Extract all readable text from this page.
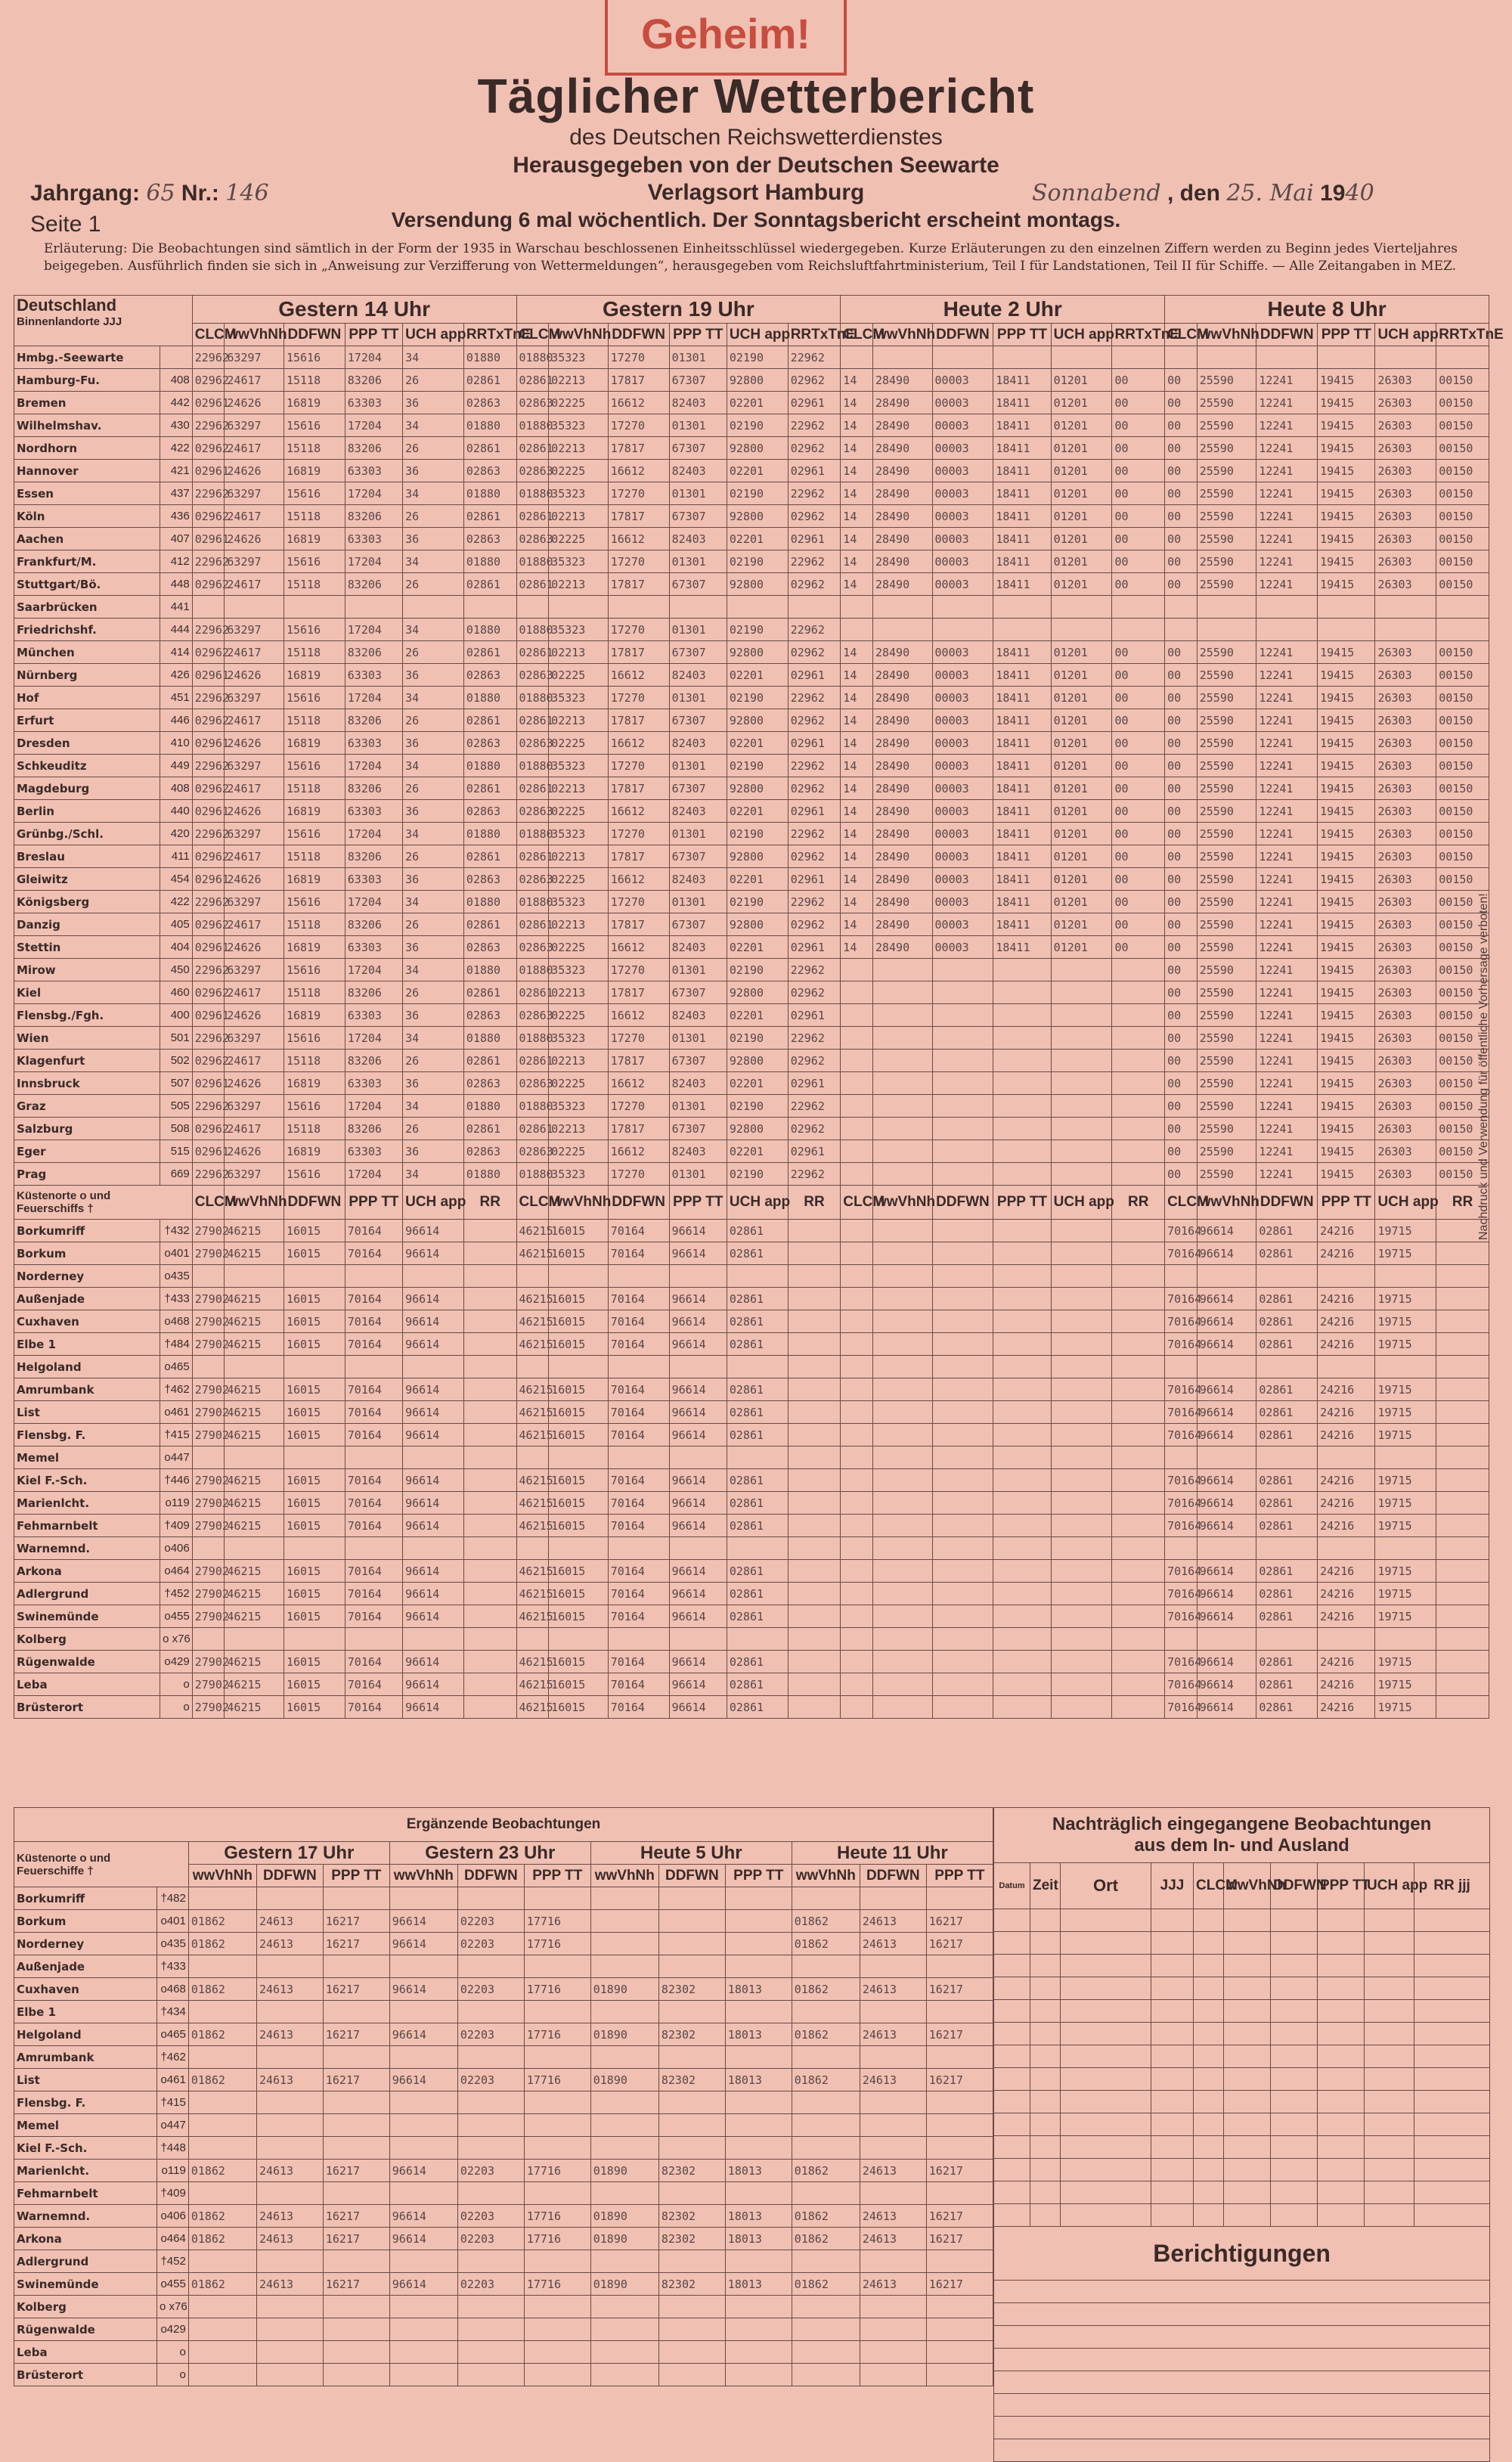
Geheim!
Täglicher Wetterbericht
des Deutschen Reichswetterdienstes
Herausgegeben von der Deutschen Seewarte
Verlagsort Hamburg
Versendung 6 mal wöchentlich. Der Sonntagsbericht erscheint montags.
Jahrgang: 65 Nr.: 146
Seite 1
Sonnabend , den 25. Mai 1940
Erläuterung: Die Beobachtungen sind sämtlich in der Form der 1935 in Warschau beschlossenen Einheitsschlüssel wiedergegeben. Kurze Erläuterungen zu den einzelnen Ziffern werden zu Beginn jedes Vierteljahres beigegeben. Ausführlich finden sie sich in „Anweisung zur Verzifferung von Wettermeldungen“, herausgegeben vom Reichsluftfahrtministerium, Teil I für Landstationen, Teil II für Schiffe. — Alle Zeitangaben in MEZ.
Nachdruck und Verwendung für öffentliche Vorhersage verboten!
Deutschland
Binnenlandorte JJJ		Gestern 14 Uhr						Gestern 19 Uhr						Heute 2 Uhr						Heute 8 Uhr					
		CLCM	wwVhNh	DDFWN	PPP TT	UCH app	RRTxTnE	CLCM	wwVhNh	DDFWN	PPP TT	UCH app	RRTxTnE	CLCM	wwVhNh	DDFWN	PPP TT	UCH app	RRTxTnE	CLCM	wwVhNh	DDFWN	PPP TT	UCH app	RRTxTnE
Hmbg.-Seewarte		22962	63297	15616	17204	34	01880	01880	35323	17270	01301	02190	22962												
Hamburg-Fu.	408	02962	24617	15118	83206	26	02861	02861	02213	17817	67307	92800	02962	14	28490	00003	18411	01201	00	00	25590	12241	19415	26303	00150
Bremen	442	02961	24626	16819	63303	36	02863	02863	02225	16612	82403	02201	02961	14	28490	00003	18411	01201	00	00	25590	12241	19415	26303	00150
Wilhelmshav.	430	22962	63297	15616	17204	34	01880	01880	35323	17270	01301	02190	22962	14	28490	00003	18411	01201	00	00	25590	12241	19415	26303	00150
Nordhorn	422	02962	24617	15118	83206	26	02861	02861	02213	17817	67307	92800	02962	14	28490	00003	18411	01201	00	00	25590	12241	19415	26303	00150
Hannover	421	02961	24626	16819	63303	36	02863	02863	02225	16612	82403	02201	02961	14	28490	00003	18411	01201	00	00	25590	12241	19415	26303	00150
Essen	437	22962	63297	15616	17204	34	01880	01880	35323	17270	01301	02190	22962	14	28490	00003	18411	01201	00	00	25590	12241	19415	26303	00150
Köln	436	02962	24617	15118	83206	26	02861	02861	02213	17817	67307	92800	02962	14	28490	00003	18411	01201	00	00	25590	12241	19415	26303	00150
Aachen	407	02961	24626	16819	63303	36	02863	02863	02225	16612	82403	02201	02961	14	28490	00003	18411	01201	00	00	25590	12241	19415	26303	00150
Frankfurt/M.	412	22962	63297	15616	17204	34	01880	01880	35323	17270	01301	02190	22962	14	28490	00003	18411	01201	00	00	25590	12241	19415	26303	00150
Stuttgart/Bö.	448	02962	24617	15118	83206	26	02861	02861	02213	17817	67307	92800	02962	14	28490	00003	18411	01201	00	00	25590	12241	19415	26303	00150
Saarbrücken	441																								
Friedrichshf.	444	22962	63297	15616	17204	34	01880	01880	35323	17270	01301	02190	22962												
München	414	02962	24617	15118	83206	26	02861	02861	02213	17817	67307	92800	02962	14	28490	00003	18411	01201	00	00	25590	12241	19415	26303	00150
Nürnberg	426	02961	24626	16819	63303	36	02863	02863	02225	16612	82403	02201	02961	14	28490	00003	18411	01201	00	00	25590	12241	19415	26303	00150
Hof	451	22962	63297	15616	17204	34	01880	01880	35323	17270	01301	02190	22962	14	28490	00003	18411	01201	00	00	25590	12241	19415	26303	00150
Erfurt	446	02962	24617	15118	83206	26	02861	02861	02213	17817	67307	92800	02962	14	28490	00003	18411	01201	00	00	25590	12241	19415	26303	00150
Dresden	410	02961	24626	16819	63303	36	02863	02863	02225	16612	82403	02201	02961	14	28490	00003	18411	01201	00	00	25590	12241	19415	26303	00150
Schkeuditz	449	22962	63297	15616	17204	34	01880	01880	35323	17270	01301	02190	22962	14	28490	00003	18411	01201	00	00	25590	12241	19415	26303	00150
Magdeburg	408	02962	24617	15118	83206	26	02861	02861	02213	17817	67307	92800	02962	14	28490	00003	18411	01201	00	00	25590	12241	19415	26303	00150
Berlin	440	02961	24626	16819	63303	36	02863	02863	02225	16612	82403	02201	02961	14	28490	00003	18411	01201	00	00	25590	12241	19415	26303	00150
Grünbg./Schl.	420	22962	63297	15616	17204	34	01880	01880	35323	17270	01301	02190	22962	14	28490	00003	18411	01201	00	00	25590	12241	19415	26303	00150
Breslau	411	02962	24617	15118	83206	26	02861	02861	02213	17817	67307	92800	02962	14	28490	00003	18411	01201	00	00	25590	12241	19415	26303	00150
Gleiwitz	454	02961	24626	16819	63303	36	02863	02863	02225	16612	82403	02201	02961	14	28490	00003	18411	01201	00	00	25590	12241	19415	26303	00150
Königsberg	422	22962	63297	15616	17204	34	01880	01880	35323	17270	01301	02190	22962	14	28490	00003	18411	01201	00	00	25590	12241	19415	26303	00150
Danzig	405	02962	24617	15118	83206	26	02861	02861	02213	17817	67307	92800	02962	14	28490	00003	18411	01201	00	00	25590	12241	19415	26303	00150
Stettin	404	02961	24626	16819	63303	36	02863	02863	02225	16612	82403	02201	02961	14	28490	00003	18411	01201	00	00	25590	12241	19415	26303	00150
Mirow	450	22962	63297	15616	17204	34	01880	01880	35323	17270	01301	02190	22962							00	25590	12241	19415	26303	00150
Kiel	460	02962	24617	15118	83206	26	02861	02861	02213	17817	67307	92800	02962							00	25590	12241	19415	26303	00150
Flensbg./Fgh.	400	02961	24626	16819	63303	36	02863	02863	02225	16612	82403	02201	02961							00	25590	12241	19415	26303	00150
Wien	501	22962	63297	15616	17204	34	01880	01880	35323	17270	01301	02190	22962							00	25590	12241	19415	26303	00150
Klagenfurt	502	02962	24617	15118	83206	26	02861	02861	02213	17817	67307	92800	02962							00	25590	12241	19415	26303	00150
Innsbruck	507	02961	24626	16819	63303	36	02863	02863	02225	16612	82403	02201	02961							00	25590	12241	19415	26303	00150
Graz	505	22962	63297	15616	17204	34	01880	01880	35323	17270	01301	02190	22962							00	25590	12241	19415	26303	00150
Salzburg	508	02962	24617	15118	83206	26	02861	02861	02213	17817	67307	92800	02962							00	25590	12241	19415	26303	00150
Eger	515	02961	24626	16819	63303	36	02863	02863	02225	16612	82403	02201	02961							00	25590	12241	19415	26303	00150
Prag	669	22962	63297	15616	17204	34	01880	01880	35323	17270	01301	02190	22962							00	25590	12241	19415	26303	00150

Küstenorte o und
Feuerschiffs †		CLCM	wwVhNh	DDFWN	PPP TT	UCH app	RR	CLCM	wwVhNh	DDFWN	PPP TT	UCH app	RR	CLCM	wwVhNh	DDFWN	PPP TT	UCH app	RR	CLCM	wwVhNh	DDFWN	PPP TT	UCH app	RR
Borkumriff	†432	27902	46215	16015	70164	96614		46215	16015	70164	96614	02861								70164	96614	02861	24216	19715	
Borkum	o401	27902	46215	16015	70164	96614		46215	16015	70164	96614	02861								70164	96614	02861	24216	19715	
Norderney	o435																								
Außenjade	†433	27902	46215	16015	70164	96614		46215	16015	70164	96614	02861								70164	96614	02861	24216	19715	
Cuxhaven	o468	27902	46215	16015	70164	96614		46215	16015	70164	96614	02861								70164	96614	02861	24216	19715	
Elbe 1	†484	27902	46215	16015	70164	96614		46215	16015	70164	96614	02861								70164	96614	02861	24216	19715	
Helgoland	o465																								
Amrumbank	†462	27902	46215	16015	70164	96614		46215	16015	70164	96614	02861								70164	96614	02861	24216	19715	
List	o461	27902	46215	16015	70164	96614		46215	16015	70164	96614	02861								70164	96614	02861	24216	19715	
Flensbg. F.	†415	27902	46215	16015	70164	96614		46215	16015	70164	96614	02861								70164	96614	02861	24216	19715	
Memel	o447																								
Kiel F.-Sch.	†446	27902	46215	16015	70164	96614		46215	16015	70164	96614	02861								70164	96614	02861	24216	19715	
Marienlcht.	o119	27902	46215	16015	70164	96614		46215	16015	70164	96614	02861								70164	96614	02861	24216	19715	
Fehmarnbelt	†409	27902	46215	16015	70164	96614		46215	16015	70164	96614	02861								70164	96614	02861	24216	19715	
Warnemnd.	o406																								
Arkona	o464	27902	46215	16015	70164	96614		46215	16015	70164	96614	02861								70164	96614	02861	24216	19715	
Adlergrund	†452	27902	46215	16015	70164	96614		46215	16015	70164	96614	02861								70164	96614	02861	24216	19715	
Swinemünde	o455	27902	46215	16015	70164	96614		46215	16015	70164	96614	02861								70164	96614	02861	24216	19715	
Kolberg	o x76																								
Rügenwalde	o429	27902	46215	16015	70164	96614		46215	16015	70164	96614	02861								70164	96614	02861	24216	19715	
Leba	o	27902	46215	16015	70164	96614		46215	16015	70164	96614	02861								70164	96614	02861	24216	19715	
Brüsterort	o	27902	46215	16015	70164	96614		46215	16015	70164	96614	02861								70164	96614	02861	24216	19715	
Ergänzende Beobachtungen													

Küstenorte o und
Feuerschiffe †		Gestern 17 Uhr			Gestern 23 Uhr			Heute 5 Uhr			Heute 11 Uhr		
		wwVhNh	DDFWN	PPP TT	wwVhNh	DDFWN	PPP TT	wwVhNh	DDFWN	PPP TT	wwVhNh	DDFWN	PPP TT
Borkumriff	†482												
Borkum	o401	01862	24613	16217	96614	02203	17716				01862	24613	16217
Norderney	o435	01862	24613	16217	96614	02203	17716				01862	24613	16217
Außenjade	†433												
Cuxhaven	o468	01862	24613	16217	96614	02203	17716	01890	82302	18013	01862	24613	16217
Elbe 1	†434												
Helgoland	o465	01862	24613	16217	96614	02203	17716	01890	82302	18013	01862	24613	16217
Amrumbank	†462												
List	o461	01862	24613	16217	96614	02203	17716	01890	82302	18013	01862	24613	16217
Flensbg. F.	†415												
Memel	o447												
Kiel F.-Sch.	†448												
Marienlcht.	o119	01862	24613	16217	96614	02203	17716	01890	82302	18013	01862	24613	16217
Fehmarnbelt	†409												
Warnemnd.	o406	01862	24613	16217	96614	02203	17716	01890	82302	18013	01862	24613	16217
Arkona	o464	01862	24613	16217	96614	02203	17716	01890	82302	18013	01862	24613	16217
Adlergrund	†452												
Swinemünde	o455	01862	24613	16217	96614	02203	17716	01890	82302	18013	01862	24613	16217
Kolberg	o x76												
Rügenwalde	o429												
Leba	o												
Brüsterort	o												
Nachträglich eingegangene Beobachtungen
aus dem In- und Ausland									

Datum	Zeit	Ort	JJJ	CLCM	wwVhNh	DDFWN	PPP TT	UCH app	RR jjj

Berichtigungen									
